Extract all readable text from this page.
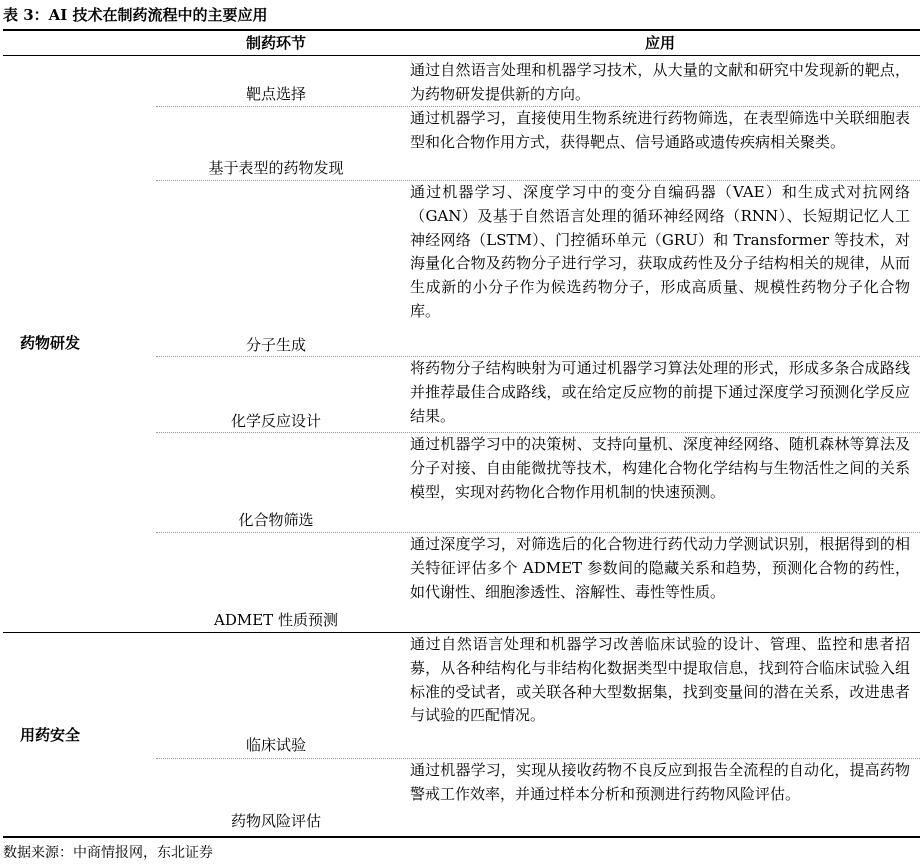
表 3：AI 技术在制药流程中的主要应用
制药环节	应用
药物研发
用药安全
通过自然语言处理和机器学习技术，从大量的文献和研究中发现新的靶点，为药物研发提供新的方向。
靶点选择
通过机器学习，直接使用生物系统进行药物筛选，在表型筛选中关联细胞表型和化合物作用方式，获得靶点、信号通路或遗传疾病相关聚类。
基于表型的药物发现
通过机器学习、深度学习中的变分自编码器（VAE）和生成式对抗网络（GAN）及基于自然语言处理的循环神经网络（RNN）、长短期记忆人工神经网络（LSTM）、门控循环单元（GRU）和 Transformer 等技术，对海量化合物及药物分子进行学习，获取成药性及分子结构相关的规律，从而生成新的小分子作为候选药物分子，形成高质量、规模性药物分子化合物库。
分子生成
将药物分子结构映射为可通过机器学习算法处理的形式，形成多条合成路线并推荐最佳合成路线，或在给定反应物的前提下通过深度学习预测化学反应结果。
化学反应设计
通过机器学习中的决策树、支持向量机、深度神经网络、随机森林等算法及分子对接、自由能微扰等技术，构建化合物化学结构与生物活性之间的关系模型，实现对药物化合物作用机制的快速预测。
化合物筛选
通过深度学习，对筛选后的化合物进行药代动力学测试识别，根据得到的相关特征评估多个 ADMET 参数间的隐藏关系和趋势，预测化合物的药性，如代谢性、细胞渗透性、溶解性、毒性等性质。
ADMET 性质预测
通过自然语言处理和机器学习改善临床试验的设计、管理、监控和患者招募，从各种结构化与非结构化数据类型中提取信息，找到符合临床试验入组标准的受试者，或关联各种大型数据集，找到变量间的潜在关系，改进患者与试验的匹配情况。
临床试验
通过机器学习，实现从接收药物不良反应到报告全流程的自动化，提高药物警戒工作效率，并通过样本分析和预测进行药物风险评估。
药物风险评估
数据来源：中商情报网，东北证券
